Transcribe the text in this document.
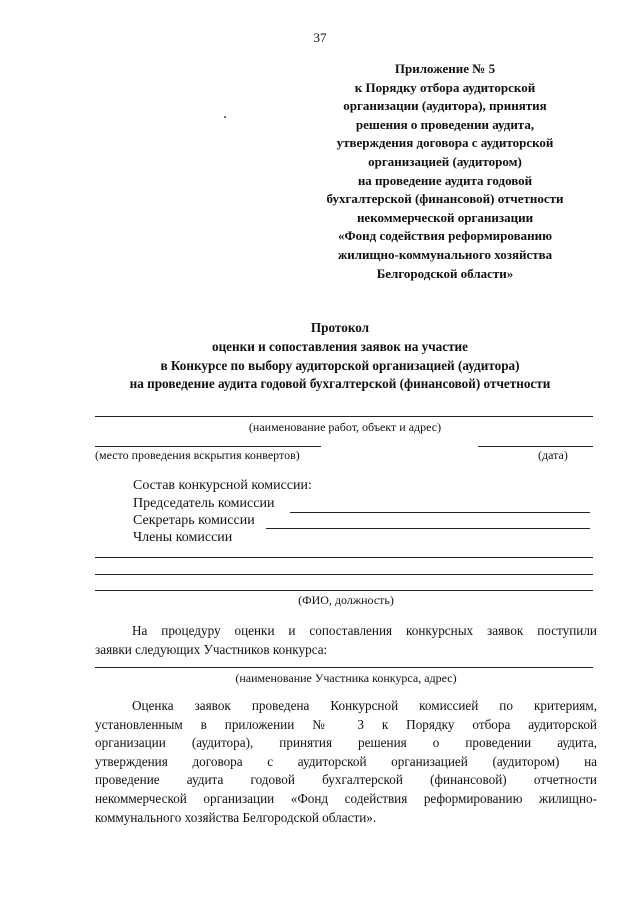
37
Приложение № 5
к Порядку отбора аудиторской
организации (аудитора), принятия
решения о проведении аудита,
утверждения договора с аудиторской
организацией (аудитором)
на проведение аудита годовой
бухгалтерской (финансовой) отчетности
некоммерческой организации
«Фонд содействия реформированию
жилищно-коммунального хозяйства
Белгородской области»
Протокол
оценки и сопоставления заявок на участие
в Конкурсе по выбору аудиторской организацией (аудитора)
на проведение аудита годовой бухгалтерской (финансовой) отчетности
(наименование работ, объект и адрес)
(место проведения вскрытия конвертов)	(дата)
Состав конкурсной комиссии:
Председатель комиссии
Секретарь комиссии
Члены комиссии
(ФИО, должность)
На процедуру оценки и сопоставления конкурсных заявок поступили
заявки следующих Участников конкурса:
(наименование Участника конкурса, адрес)
Оценка заявок проведена Конкурсной комиссией по критериям,
установленным в приложении № 3 к Порядку отбора аудиторской
организации (аудитора), принятия решения о проведении аудита,
утверждения договора с аудиторской организацией (аудитором) на
проведение аудита годовой бухгалтерской (финансовой) отчетности
некоммерческой организации «Фонд содействия реформированию жилищно-
коммунального хозяйства Белгородской области».
